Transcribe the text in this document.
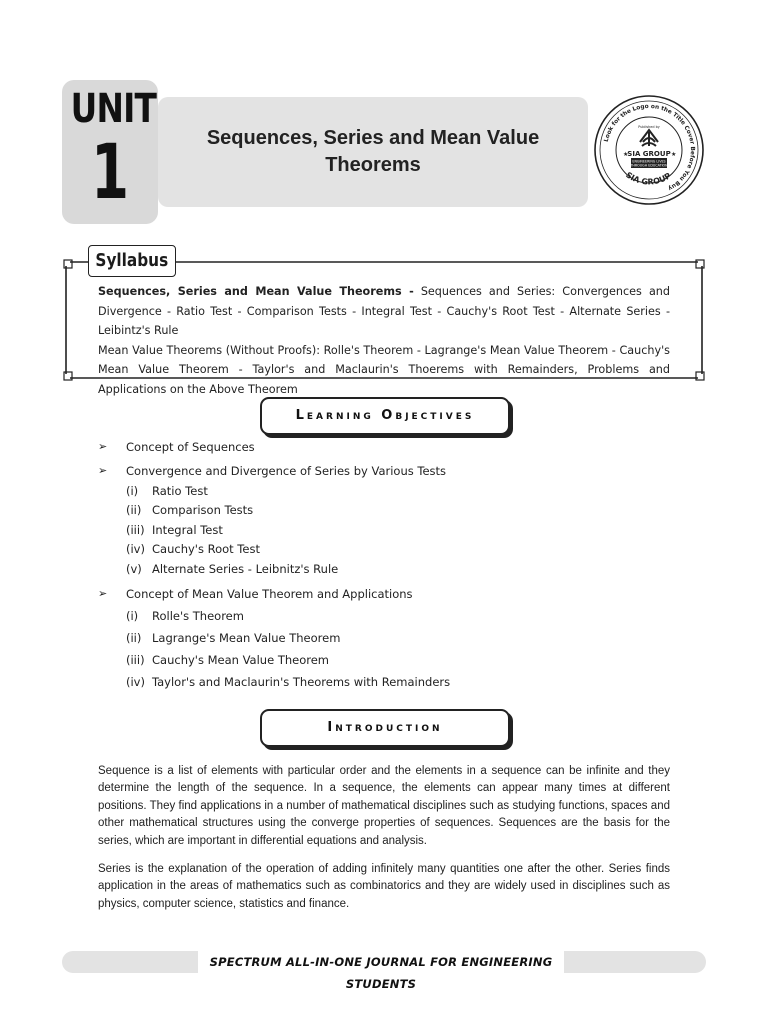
UNIT
1	Sequences, Series and Mean Value Theorems
Look for the Logo on the Title Cover Before You Buy
SIA GROUP
★	★
Published by
SIA GROUP
ENGINEERING LIVES
THROUGH EDUCATION
Syllabus
Sequences, Series and Mean Value Theorems - Sequences and Series: Convergences and Divergence - Ratio Test - Comparison Tests - Integral Test - Cauchy's Root Test - Alternate Series - Leibintz's Rule
Mean Value Theorems (Without Proofs): Rolle's Theorem - Lagrange's Mean Value Theorem - Cauchy's Mean Value Theorem - Taylor's and Maclaurin's Thoerems with Remainders, Problems and Applications on the Above Theorem
Learning Objectives
➢ Concept of Sequences
➢ Convergence and Divergence of Series by Various Tests
(i) Ratio Test
(ii) Comparison Tests
(iii) Integral Test
(iv) Cauchy's Root Test
(v) Alternate Series - Leibnitz's Rule
➢ Concept of Mean Value Theorem and Applications
(i) Rolle's Theorem
(ii) Lagrange's Mean Value Theorem
(iii) Cauchy's Mean Value Theorem
(iv) Taylor's and Maclaurin's Theorems with Remainders
Introduction

Sequence is a list of elements with particular order and the elements in a sequence can be infinite and they determine the length of the sequence. In a sequence, the elements can appear many times at different positions. They find applications in a number of mathematical disciplines such as studying functions, spaces and other mathematical structures using the converge properties of sequences. Sequences are the basis for the series, which are important in differential equations and analysis.

Series is the explanation of the operation of adding infinitely many quantities one after the other. Series finds application in the areas of mathematics such as combinatorics and they are widely used in disciplines such as physics, computer science, statistics and finance.

SPECTRUM ALL-IN-ONE JOURNAL FOR ENGINEERING STUDENTS
